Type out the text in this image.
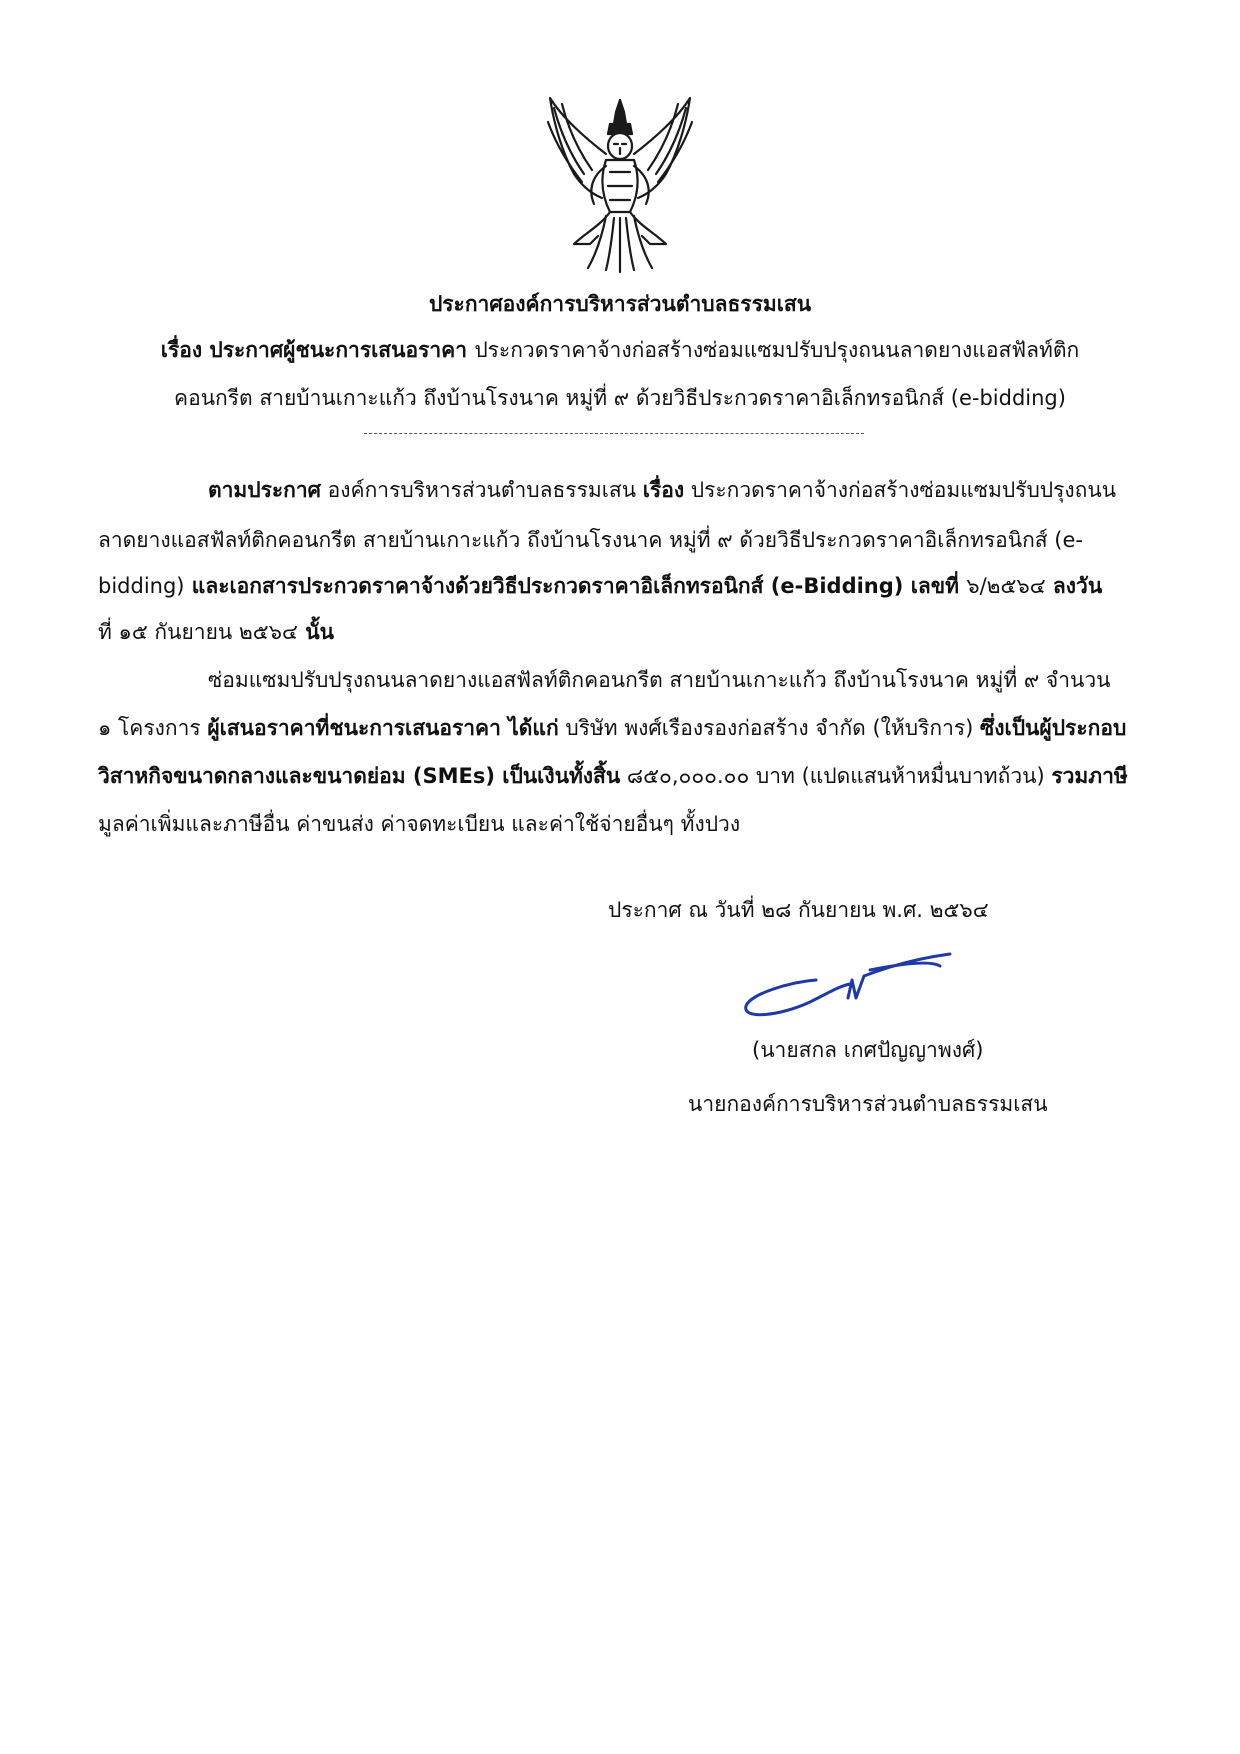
ประกาศองค์การบริหารส่วนตำบลธรรมเสน
เรื่อง ประกาศผู้ชนะการเสนอราคา ประกวดราคาจ้างก่อสร้างซ่อมแซมปรับปรุงถนนลาดยางแอสฟัลท์ติก
คอนกรีต สายบ้านเกาะแก้ว ถึงบ้านโรงนาค หมู่ที่ ๙ ด้วยวิธีประกวดราคาอิเล็กทรอนิกส์ (e-bidding)
ตามประกาศ องค์การบริหารส่วนตำบลธรรมเสน เรื่อง ประกวดราคาจ้างก่อสร้างซ่อมแซมปรับปรุงถนน
ลาดยางแอสฟัลท์ติกคอนกรีต สายบ้านเกาะแก้ว ถึงบ้านโรงนาค หมู่ที่ ๙ ด้วยวิธีประกวดราคาอิเล็กทรอนิกส์ (e-
bidding) และเอกสารประกวดราคาจ้างด้วยวิธีประกวดราคาอิเล็กทรอนิกส์ (e-Bidding) เลขที่ ๖/๒๕๖๔ ลงวัน
ที่ ๑๕ กันยายน ๒๕๖๔ นั้น
ซ่อมแซมปรับปรุงถนนลาดยางแอสฟัลท์ติกคอนกรีต สายบ้านเกาะแก้ว ถึงบ้านโรงนาค หมู่ที่ ๙ จำนวน
๑ โครงการ ผู้เสนอราคาที่ชนะการเสนอราคา ได้แก่ บริษัท พงศ์เรืองรองก่อสร้าง จำกัด (ให้บริการ) ซึ่งเป็นผู้ประกอบ
วิสาหกิจขนาดกลางและขนาดย่อม (SMEs) เป็นเงินทั้งสิ้น ๘๕๐,๐๐๐.๐๐ บาท (แปดแสนห้าหมื่นบาทถ้วน) รวมภาษี
มูลค่าเพิ่มและภาษีอื่น ค่าขนส่ง ค่าจดทะเบียน และค่าใช้จ่ายอื่นๆ ทั้งปวง
ประกาศ ณ วันที่ ๒๘ กันยายน พ.ศ. ๒๕๖๔
(นายสกล เกศปัญญาพงศ์)
นายกองค์การบริหารส่วนตำบลธรรมเสน
